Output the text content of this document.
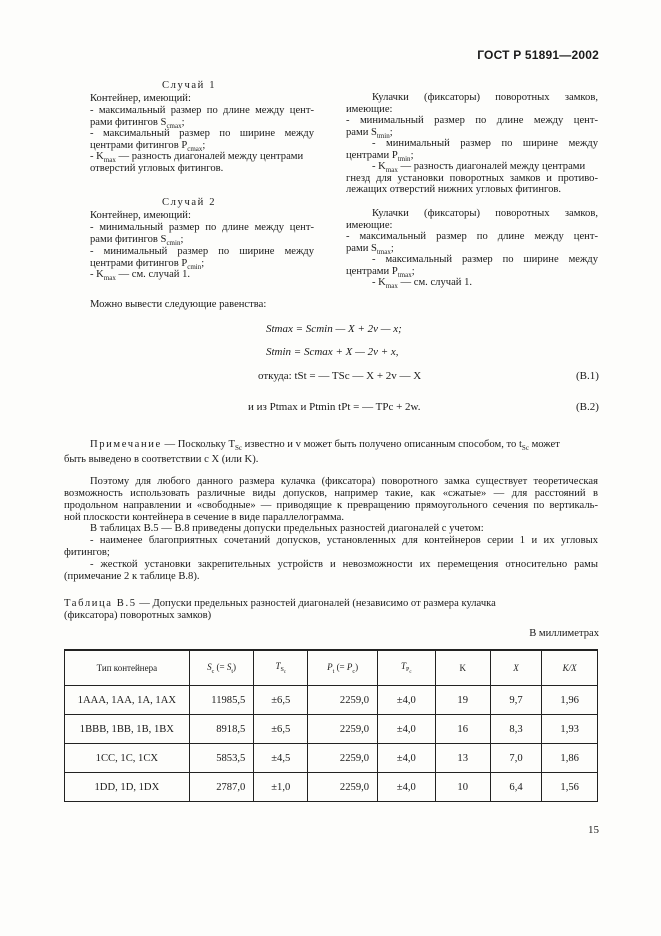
ГОСТ Р 51891—2002

Случай 1

Контейнер, имеющий:

- максимальный размер по длине между цент-

рами фитингов $S_{cmax}$;

- максимальный размер по ширине между

центрами фитингов $P_{cmax}$;

- $K_{max}$ — разность диагоналей между центрами

отверстий угловых фитингов.

Случай 2

Контейнер, имеющий:

- минимальный размер по длине между цент-

рами фитингов $S_{cmin}$;

- минимальный размер по ширине между

центрами фитингов $P_{cmin}$;

- $K_{max}$ — см. случай 1.

Кулачки (фиксаторы) поворотных замков,

имеющие:

- минимальный размер по длине между цент-

рами $S_{tmin}$;

- минимальный размер по ширине между

центрами $P_{tmin}$;

- $K_{max}$ — разность диагоналей между центрами

гнезд для установки поворотных замков и противо-

лежащих отверстий нижних угловых фитингов.

Кулачки (фиксаторы) поворотных замков,

имеющие:

- максимальный размер по длине между цент-

рами $S_{tmax}$;

- максимальный размер по ширине между

центрами $P_{tmax}$;

- $K_{max}$ — см. случай 1.

Можно вывести следующие равенства:

Stmax = Scmin — X + 2v — x;
Stmin = Scmax + X — 2v + x,
откуда: tSt = — TSc — X + 2v — X	(В.1)
и из Ptmax и Ptmin tPt = — TPc + 2w.	(В.2)

Примечание — Поскольку $T_{Sc}$ известно и v может быть получено описанным способом, то $t_{Sc}$ может

быть выведено в соответствии с X (или K).

Поэтому для любого данного размера кулачка (фиксатора) поворотного замка существует теоретическая

возможность использовать различные виды допусков, например такие, как «сжатые» — для расстояний в

продольном направлении и «свободные» — приводящие к превращению прямоугольного сечения по вертикаль-

ной плоскости контейнера в сечение в виде параллелограмма.

В таблицах В.5 — В.8 приведены допуски предельных разностей диагоналей с учетом:

- наименее благоприятных сочетаний допусков, установленных для контейнеров серии 1 и их угловых

фитингов;

- жесткой установки закрепительных устройств и невозможности их перемещения относительно рамы

(примечание 2 к таблице В.8).

Таблица В.5 — Допуски предельных разностей диагоналей (независимо от размера кулачка

(фиксатора) поворотных замков)

В миллиметрах

Тип контейнера	$S_c$ (= $S_t$)	$T_{S_c}$	$P_t$ (= $P_c$)	$T_{P_c}$	K	X	K/X
1AAA, 1AA, 1A, 1AX	11985,5	±6,5	2259,0	±4,0	19	9,7	1,96
1BBB, 1BB, 1B, 1BX	8918,5	±6,5	2259,0	±4,0	16	8,3	1,93
1CC, 1C, 1CX	5853,5	±4,5	2259,0	±4,0	13	7,0	1,86
1DD, 1D, 1DX	2787,0	±1,0	2259,0	±4,0	10	6,4	1,56
15
